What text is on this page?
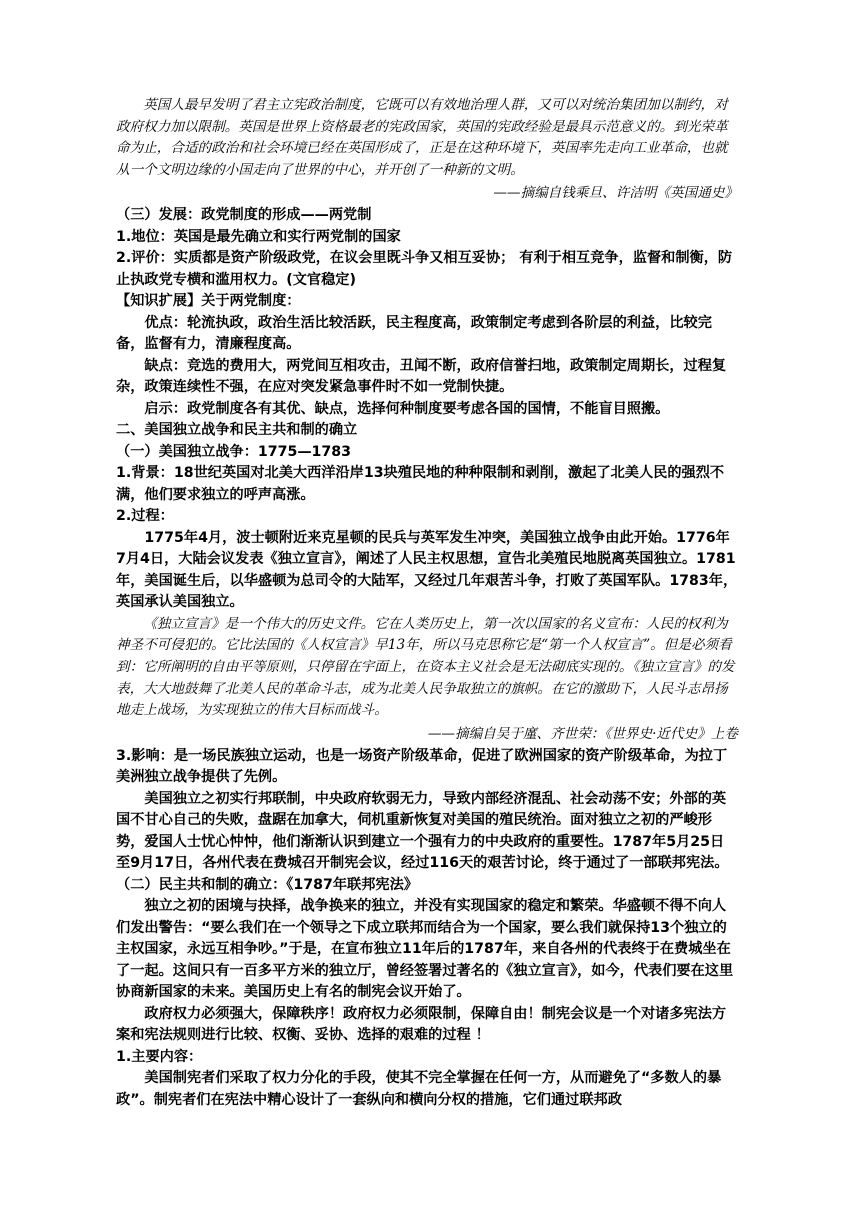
英国人最早发明了君主立宪政治制度，它既可以有效地治理人群，又可以对统治集团加以制约，对政府权力加以限制。英国是世界上资格最老的宪政国家，英国的宪政经验是最具示范意义的。到光荣革命为止，合适的政治和社会环境已经在英国形成了，正是在这种环境下，英国率先走向工业革命，也就从一个文明边缘的小国走向了世界的中心，并开创了一种新的文明。

——摘编自钱乘旦、许洁明《英国通史》

（三）发展：政党制度的形成——两党制

1.地位：英国是最先确立和实行两党制的国家

2.评价：实质都是资产阶级政党，在议会里既斗争又相互妥协； 有利于相互竞争，监督和制衡，防止执政党专横和滥用权力。(文官稳定)

【知识扩展】关于两党制度：

优点：轮流执政，政治生活比较活跃，民主程度高，政策制定考虑到各阶层的利益，比较完备，监督有力，清廉程度高。

缺点：竞选的费用大，两党间互相攻击，丑闻不断，政府信誉扫地，政策制定周期长，过程复杂，政策连续性不强，在应对突发紧急事件时不如一党制快捷。

启示：政党制度各有其优、缺点，选择何种制度要考虑各国的国情，不能盲目照搬。

二、美国独立战争和民主共和制的确立

（一）美国独立战争：1775—1783

1.背景：18世纪英国对北美大西洋沿岸13块殖民地的种种限制和剥削，激起了北美人民的强烈不满，他们要求独立的呼声高涨。

2.过程：

1775年4月，波士顿附近来克星顿的民兵与英军发生冲突，美国独立战争由此开始。1776年7月4日，大陆会议发表《独立宣言》，阐述了人民主权思想，宣告北美殖民地脱离英国独立。1781年，美国诞生后，以华盛顿为总司令的大陆军，又经过几年艰苦斗争，打败了英国军队。1783年，英国承认美国独立。

《独立宣言》是一个伟大的历史文件。它在人类历史上，第一次以国家的名义宣布：人民的权利为神圣不可侵犯的。它比法国的《人权宣言》早13年，所以马克思称它是“第一个人权宣言”。但是必须看到：它所阐明的自由平等原则，只停留在宇面上，在资本主义社会是无法砌底实现的。《独立宣言》的发表，大大地鼓舞了北美人民的革命斗志，成为北美人民争取独立的旗帜。在它的激助下，人民斗志昂扬地走上战场，为实现独立的伟大目标而战斗。

——摘编自吴于廑、齐世荣：《世界史·近代史》上卷

3.影响：是一场民族独立运动，也是一场资产阶级革命，促进了欧洲国家的资产阶级革命，为拉丁美洲独立战争提供了先例。

美国独立之初实行邦联制，中央政府软弱无力，导致内部经济混乱、社会动荡不安；外部的英国不甘心自己的失败，盘踞在加拿大，伺机重新恢复对美国的殖民统治。面对独立之初的严峻形势，爱国人士忧心忡忡，他们渐渐认识到建立一个强有力的中央政府的重要性。1787年5月25日至9月17日，各州代表在费城召开制宪会议，经过116天的艰苦讨论，终于通过了一部联邦宪法。

（二）民主共和制的确立：《1787年联邦宪法》

独立之初的困境与抉择，战争换来的独立，并没有实现国家的稳定和繁荣。华盛顿不得不向人们发出警告：“要么我们在一个领导之下成立联邦而结合为一个国家，要么我们就保持13个独立的主权国家，永远互相争吵。”于是，在宣布独立11年后的1787年，来自各州的代表终于在费城坐在了一起。这间只有一百多平方米的独立厅，曾经签署过著名的《独立宣言》，如今，代表们要在这里协商新国家的未来。美国历史上有名的制宪会议开始了。

政府权力必须强大，保障秩序！政府权力必须限制，保障自由！制宪会议是一个对诸多宪法方案和宪法规则进行比较、权衡、妥协、选择的艰难的过程 ！

1.主要内容：

美国制宪者们采取了权力分化的手段，使其不完全掌握在任何一方，从而避免了“多数人的暴政”。制宪者们在宪法中精心设计了一套纵向和横向分权的措施，它们通过联邦政
